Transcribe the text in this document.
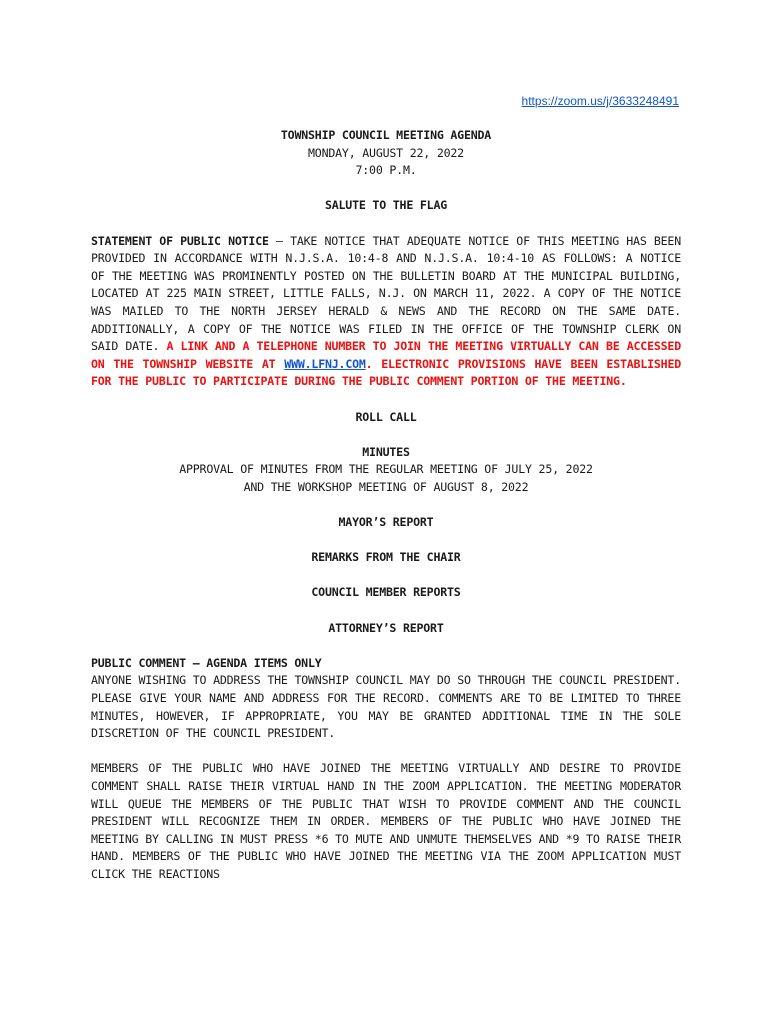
https://zoom.us/j/3633248491

TOWNSHIP COUNCIL MEETING AGENDA

MONDAY, AUGUST 22, 2022

7:00 P.M.

SALUTE TO THE FLAG

STATEMENT OF PUBLIC NOTICE – TAKE NOTICE THAT ADEQUATE NOTICE OF THIS MEETING HAS BEEN PROVIDED IN ACCORDANCE WITH N.J.S.A. 10:4-8 AND N.J.S.A. 10:4-10 AS FOLLOWS: A NOTICE OF THE MEETING WAS PROMINENTLY POSTED ON THE BULLETIN BOARD AT THE MUNICIPAL BUILDING, LOCATED AT 225 MAIN STREET, LITTLE FALLS, N.J. ON MARCH 11, 2022. A COPY OF THE NOTICE WAS MAILED TO THE NORTH JERSEY HERALD & NEWS AND THE RECORD ON THE SAME DATE. ADDITIONALLY, A COPY OF THE NOTICE WAS FILED IN THE OFFICE OF THE TOWNSHIP CLERK ON SAID DATE. A LINK AND A TELEPHONE NUMBER TO JOIN THE MEETING VIRTUALLY CAN BE ACCESSED ON THE TOWNSHIP WEBSITE AT WWW.LFNJ.COM. ELECTRONIC PROVISIONS HAVE BEEN ESTABLISHED FOR THE PUBLIC TO PARTICIPATE DURING THE PUBLIC COMMENT PORTION OF THE MEETING.

ROLL CALL

MINUTES

APPROVAL OF MINUTES FROM THE REGULAR MEETING OF JULY 25, 2022

AND THE WORKSHOP MEETING OF AUGUST 8, 2022

MAYOR’S REPORT

REMARKS FROM THE CHAIR

COUNCIL MEMBER REPORTS

ATTORNEY’S REPORT

PUBLIC COMMENT – AGENDA ITEMS ONLY

ANYONE WISHING TO ADDRESS THE TOWNSHIP COUNCIL MAY DO SO THROUGH THE COUNCIL PRESIDENT. PLEASE GIVE YOUR NAME AND ADDRESS FOR THE RECORD. COMMENTS ARE TO BE LIMITED TO THREE MINUTES, HOWEVER, IF APPROPRIATE, YOU MAY BE GRANTED ADDITIONAL TIME IN THE SOLE DISCRETION OF THE COUNCIL PRESIDENT.

MEMBERS OF THE PUBLIC WHO HAVE JOINED THE MEETING VIRTUALLY AND DESIRE TO PROVIDE COMMENT SHALL RAISE THEIR VIRTUAL HAND IN THE ZOOM APPLICATION. THE MEETING MODERATOR WILL QUEUE THE MEMBERS OF THE PUBLIC THAT WISH TO PROVIDE COMMENT AND THE COUNCIL PRESIDENT WILL RECOGNIZE THEM IN ORDER. MEMBERS OF THE PUBLIC WHO HAVE JOINED THE MEETING BY CALLING IN MUST PRESS *6 TO MUTE AND UNMUTE THEMSELVES AND *9 TO RAISE THEIR HAND. MEMBERS OF THE PUBLIC WHO HAVE JOINED THE MEETING VIA THE ZOOM APPLICATION MUST CLICK THE REACTIONS
